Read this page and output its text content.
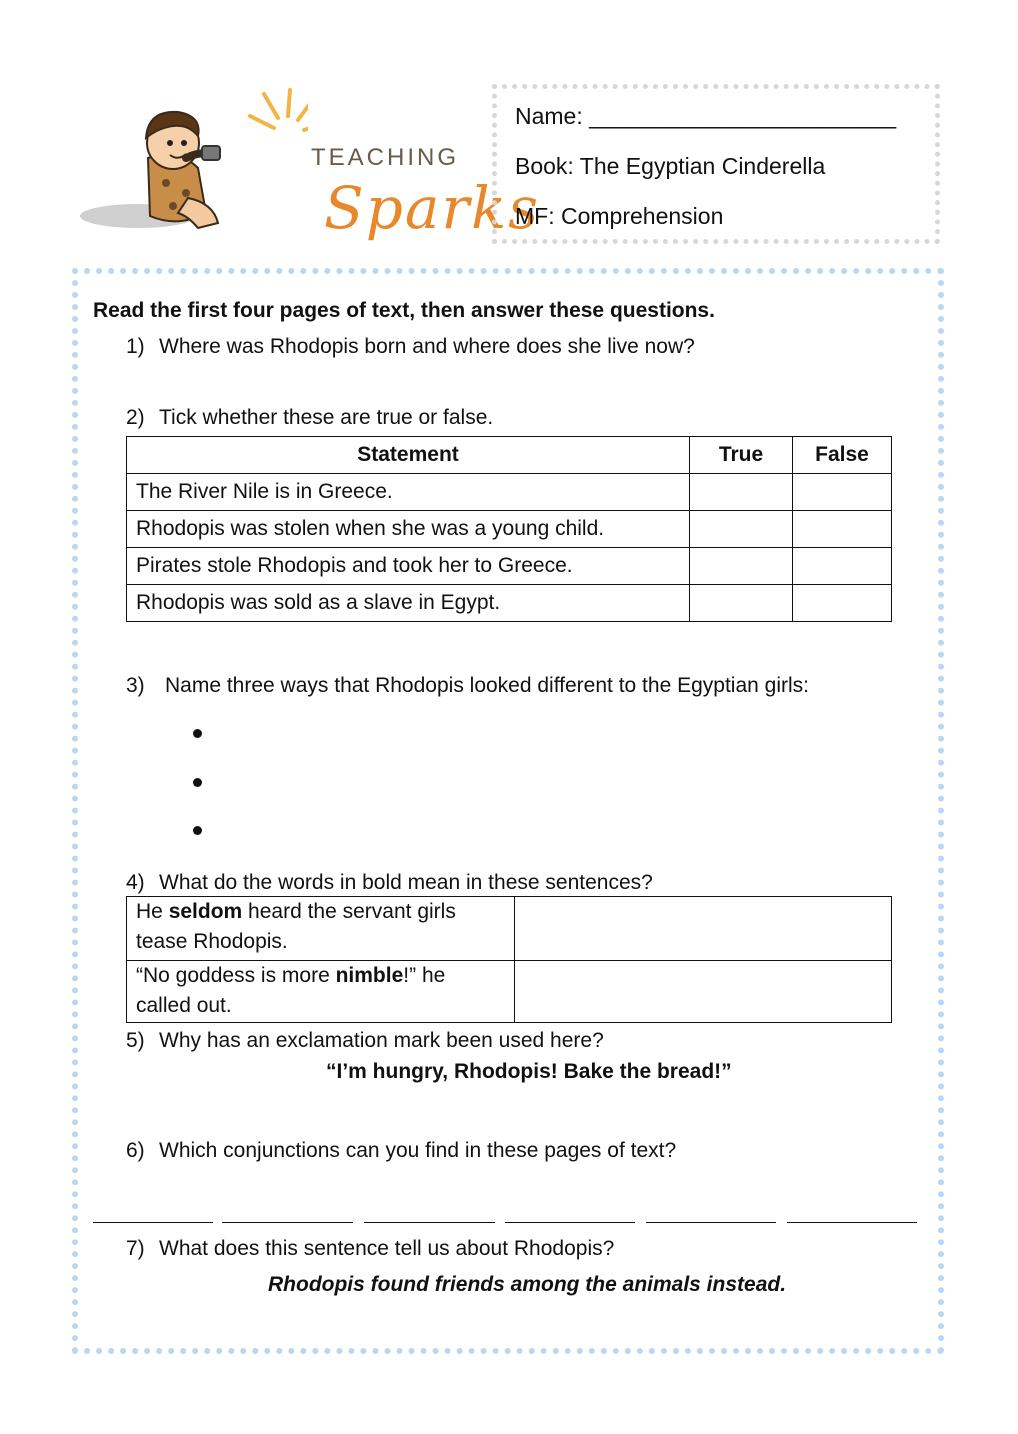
TEACHING
Sparks
Name: ________________________
Book: The Egyptian Cinderella
MF: Comprehension
Read the first four pages of text, then answer these questions.
1) Where was Rhodopis born and where does she live now?
2) Tick whether these are true or false.
Statement	True	False
The River Nile is in Greece.		
Rhodopis was stolen when she was a young child.		
Pirates stole Rhodopis and took her to Greece.		
Rhodopis was sold as a slave in Egypt.		
3) Name three ways that Rhodopis looked different to the Egyptian girls:
4) What do the words in bold mean in these sentences?
He seldom heard the servant girls
tease Rhodopis.	
“No goddess is more nimble!” he
called out.	
5) Why has an exclamation mark been used here?
“I’m hungry, Rhodopis! Bake the bread!”
6) Which conjunctions can you find in these pages of text?
7) What does this sentence tell us about Rhodopis?
Rhodopis found friends among the animals instead.
